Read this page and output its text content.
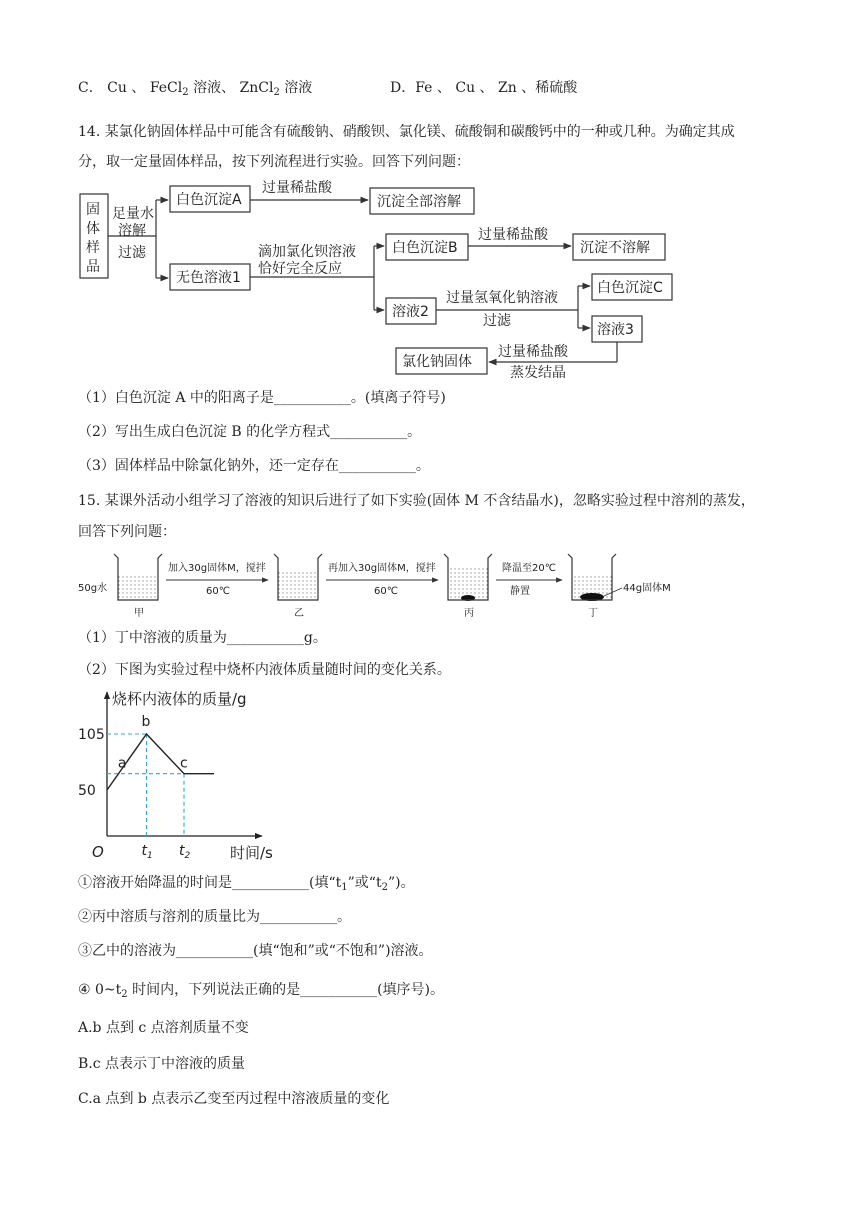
C． Cu 、 FeCl$_2$ 溶液、 ZnCl$_2$ 溶液	D．Fe 、 Cu 、 Zn 、稀硫酸
14. 某氯化钠固体样品中可能含有硫酸钠、硝酸钡、氯化镁、硫酸铜和碳酸钙中的一种或几种。为确定其成
分，取一定量固体样品，按下列流程进行实验。回答下列问题：
固
体
样
品
足量水
溶解
过滤
白色沉淀A
过量稀盐酸
沉淀全部溶解
无色溶液1
滴加氯化钡溶液
恰好完全反应
白色沉淀B
过量稀盐酸
沉淀不溶解
溶液2
过量氢氧化钠溶液
过滤
白色沉淀C
溶液3
过量稀盐酸
蒸发结晶
氯化钠固体
（1）白色沉淀 A 中的阳离子是___________。(填离子符号)
（2）写出生成白色沉淀 B 的化学方程式___________。
（3）固体样品中除氯化钠外，还一定存在___________。
15. 某课外活动小组学习了溶液的知识后进行了如下实验(固体 M 不含结晶水)，忽略实验过程中溶剂的蒸发，
回答下列问题：
50g水
甲
加入30g固体M，搅拌
60℃
乙
再加入30g固体M，搅拌
60℃
丙
降温至20℃
静置	44g固体M
丁
（1）丁中溶液的质量为___________g。
（2）下图为实验过程中烧杯内液体质量随时间的变化关系。
烧杯内液体的质量/g
时间/s
O
105
50
$t_1$ $t_2$
a
b
c
①溶液开始降温的时间是___________(填“$t_1$”或“$t_2$”)。
②丙中溶质与溶剂的质量比为___________。
③乙中的溶液为___________(填“饱和”或“不饱和”)溶液。
④ $0\sim t_2$ 时间内，下列说法正确的是___________(填序号)。
A.b 点到 c 点溶剂质量不变
B.c 点表示丁中溶液的质量
C.a 点到 b 点表示乙变至丙过程中溶液质量的变化
